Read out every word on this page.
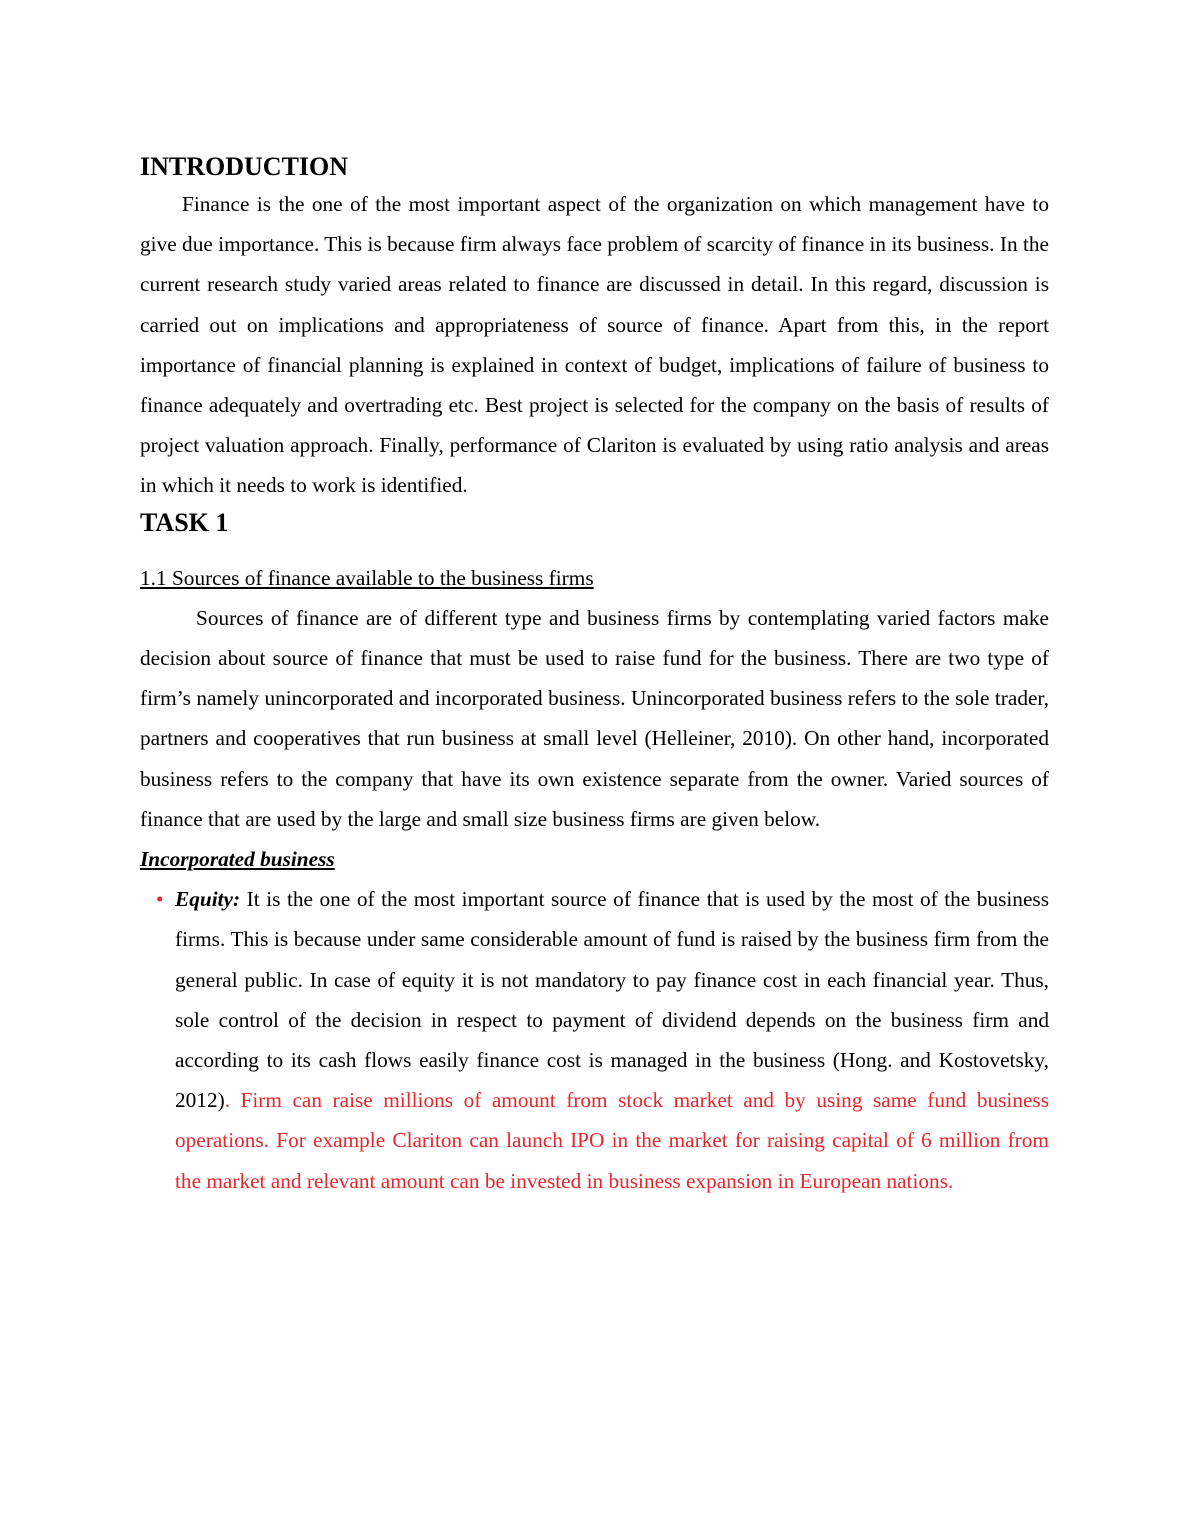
INTRODUCTION

Finance is the one of the most important aspect of the organization on which management have to give due importance. This is because firm always face problem of scarcity of finance in its business. In the current research study varied areas related to finance are discussed in detail. In this regard, discussion is carried out on implications and appropriateness of source of finance. Apart from this, in the report importance of financial planning is explained in context of budget, implications of failure of business to finance adequately and overtrading etc. Best project is selected for the company on the basis of results of project valuation approach. Finally, performance of Clariton is evaluated by using ratio analysis and areas in which it needs to work is identified.

TASK 1
1.1 Sources of finance available to the business firms

Sources of finance are of different type and business firms by contemplating varied factors make decision about source of finance that must be used to raise fund for the business. There are two type of firm’s namely unincorporated and incorporated business. Unincorporated business refers to the sole trader, partners and cooperatives that run business at small level (Helleiner, 2010). On other hand, incorporated business refers to the company that have its own existence separate from the owner. Varied sources of finance that are used by the large and small size business firms are given below.

Incorporated business
• Equity: It is the one of the most important source of finance that is used by the most of the business firms. This is because under same considerable amount of fund is raised by the business firm from the general public. In case of equity it is not mandatory to pay finance cost in each financial year. Thus, sole control of the decision in respect to payment of dividend depends on the business firm and according to its cash flows easily finance cost is managed in the business (Hong. and Kostovetsky, 2012). Firm can raise millions of amount from stock market and by using same fund business operations. For example Clariton can launch IPO in the market for raising capital of 6 million from the market and relevant amount can be invested in business expansion in European nations.
